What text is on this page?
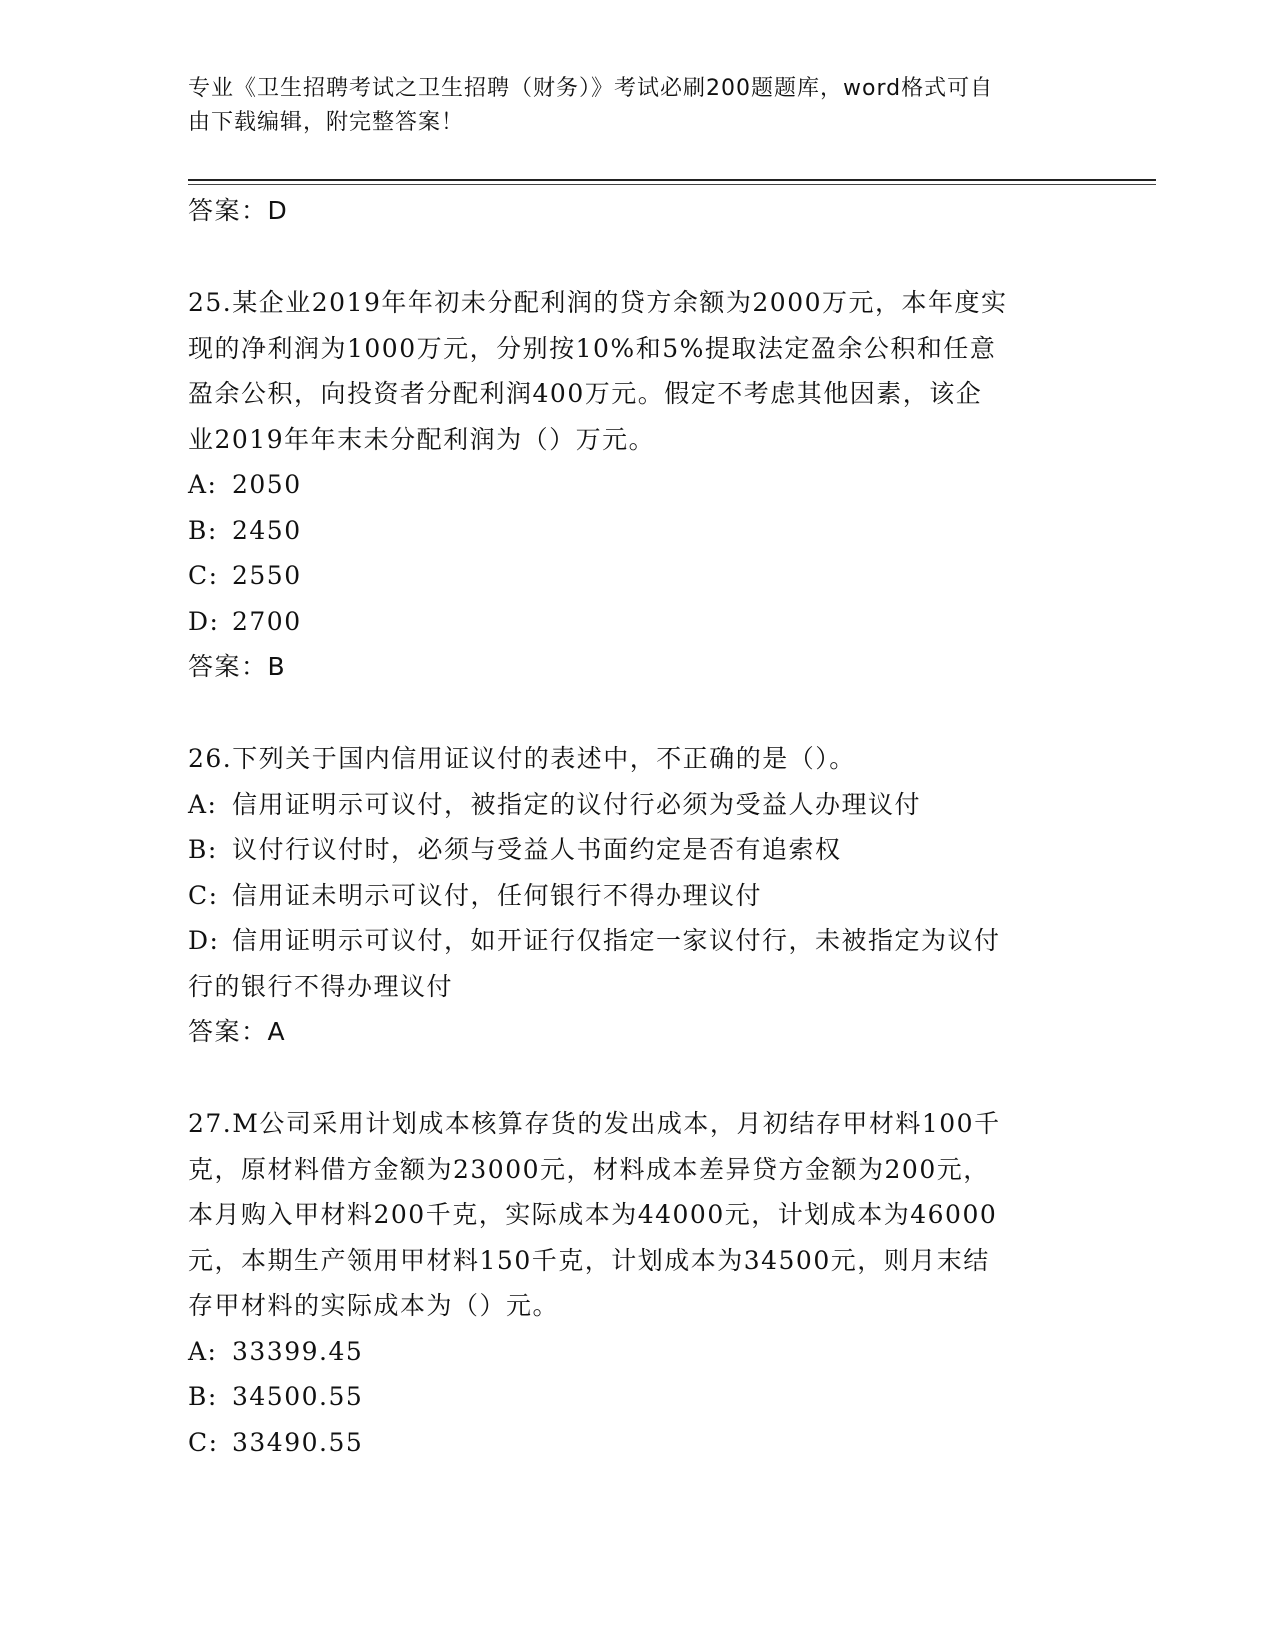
专业《卫生招聘考试之卫生招聘（财务）》考试必刷200题题库，word格式可自
由下载编辑，附完整答案！
答案：D
25.某企业2019年年初未分配利润的贷方余额为2000万元，本年度实
现的净利润为1000万元，分别按10%和5%提取法定盈余公积和任意
盈余公积，向投资者分配利润400万元。假定不考虑其他因素，该企
业2019年年末未分配利润为（）万元。
A: 2050
B: 2450
C: 2550
D: 2700
答案：B
26.下列关于国内信用证议付的表述中，不正确的是（）。
A: 信用证明示可议付，被指定的议付行必须为受益人办理议付
B: 议付行议付时，必须与受益人书面约定是否有追索权
C: 信用证未明示可议付，任何银行不得办理议付
D: 信用证明示可议付，如开证行仅指定一家议付行，未被指定为议付
行的银行不得办理议付
答案：A
27.M公司采用计划成本核算存货的发出成本，月初结存甲材料100千
克，原材料借方金额为23000元，材料成本差异贷方金额为200元，
本月购入甲材料200千克，实际成本为44000元，计划成本为46000
元，本期生产领用甲材料150千克，计划成本为34500元，则月末结
存甲材料的实际成本为（）元。
A: 33399.45
B: 34500.55
C: 33490.55
